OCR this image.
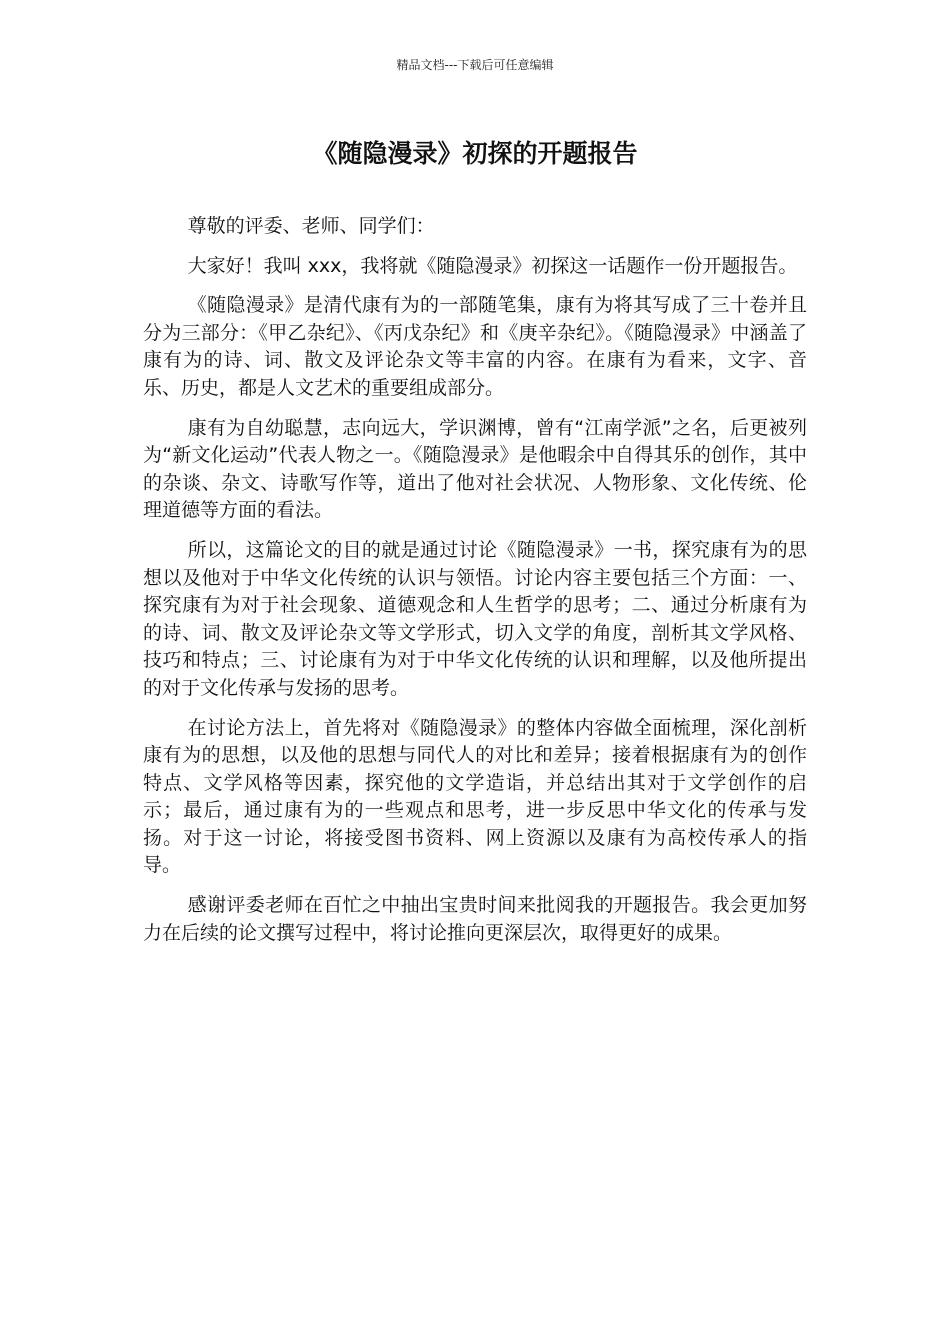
精品文档---下载后可任意编辑
《随隐漫录》初探的开题报告

尊敬的评委、老师、同学们：

大家好！我叫 xxx，我将就《随隐漫录》初探这一话题作一份开题报告。

《随隐漫录》是清代康有为的一部随笔集，康有为将其写成了三十卷并且分为三部分：《甲乙杂纪》、《丙戊杂纪》和《庚辛杂纪》。《随隐漫录》中涵盖了康有为的诗、词、散文及评论杂文等丰富的内容。在康有为看来，文字、音乐、历史，都是人文艺术的重要组成部分。

康有为自幼聪慧，志向远大，学识渊博，曾有“江南学派”之名，后更被列为“新文化运动”代表人物之一。《随隐漫录》是他暇余中自得其乐的创作，其中的杂谈、杂文、诗歌写作等，道出了他对社会状况、人物形象、文化传统、伦理道德等方面的看法。

所以，这篇论文的目的就是通过讨论《随隐漫录》一书，探究康有为的思想以及他对于中华文化传统的认识与领悟。讨论内容主要包括三个方面：一、探究康有为对于社会现象、道德观念和人生哲学的思考；二、通过分析康有为的诗、词、散文及评论杂文等文学形式，切入文学的角度，剖析其文学风格、技巧和特点；三、讨论康有为对于中华文化传统的认识和理解，以及他所提出的对于文化传承与发扬的思考。

在讨论方法上，首先将对《随隐漫录》的整体内容做全面梳理，深化剖析康有为的思想，以及他的思想与同代人的对比和差异；接着根据康有为的创作特点、文学风格等因素，探究他的文学造诣，并总结出其对于文学创作的启示；最后，通过康有为的一些观点和思考，进一步反思中华文化的传承与发扬。对于这一讨论，将接受图书资料、网上资源以及康有为高校传承人的指导。

感谢评委老师在百忙之中抽出宝贵时间来批阅我的开题报告。我会更加努力在后续的论文撰写过程中，将讨论推向更深层次，取得更好的成果。
